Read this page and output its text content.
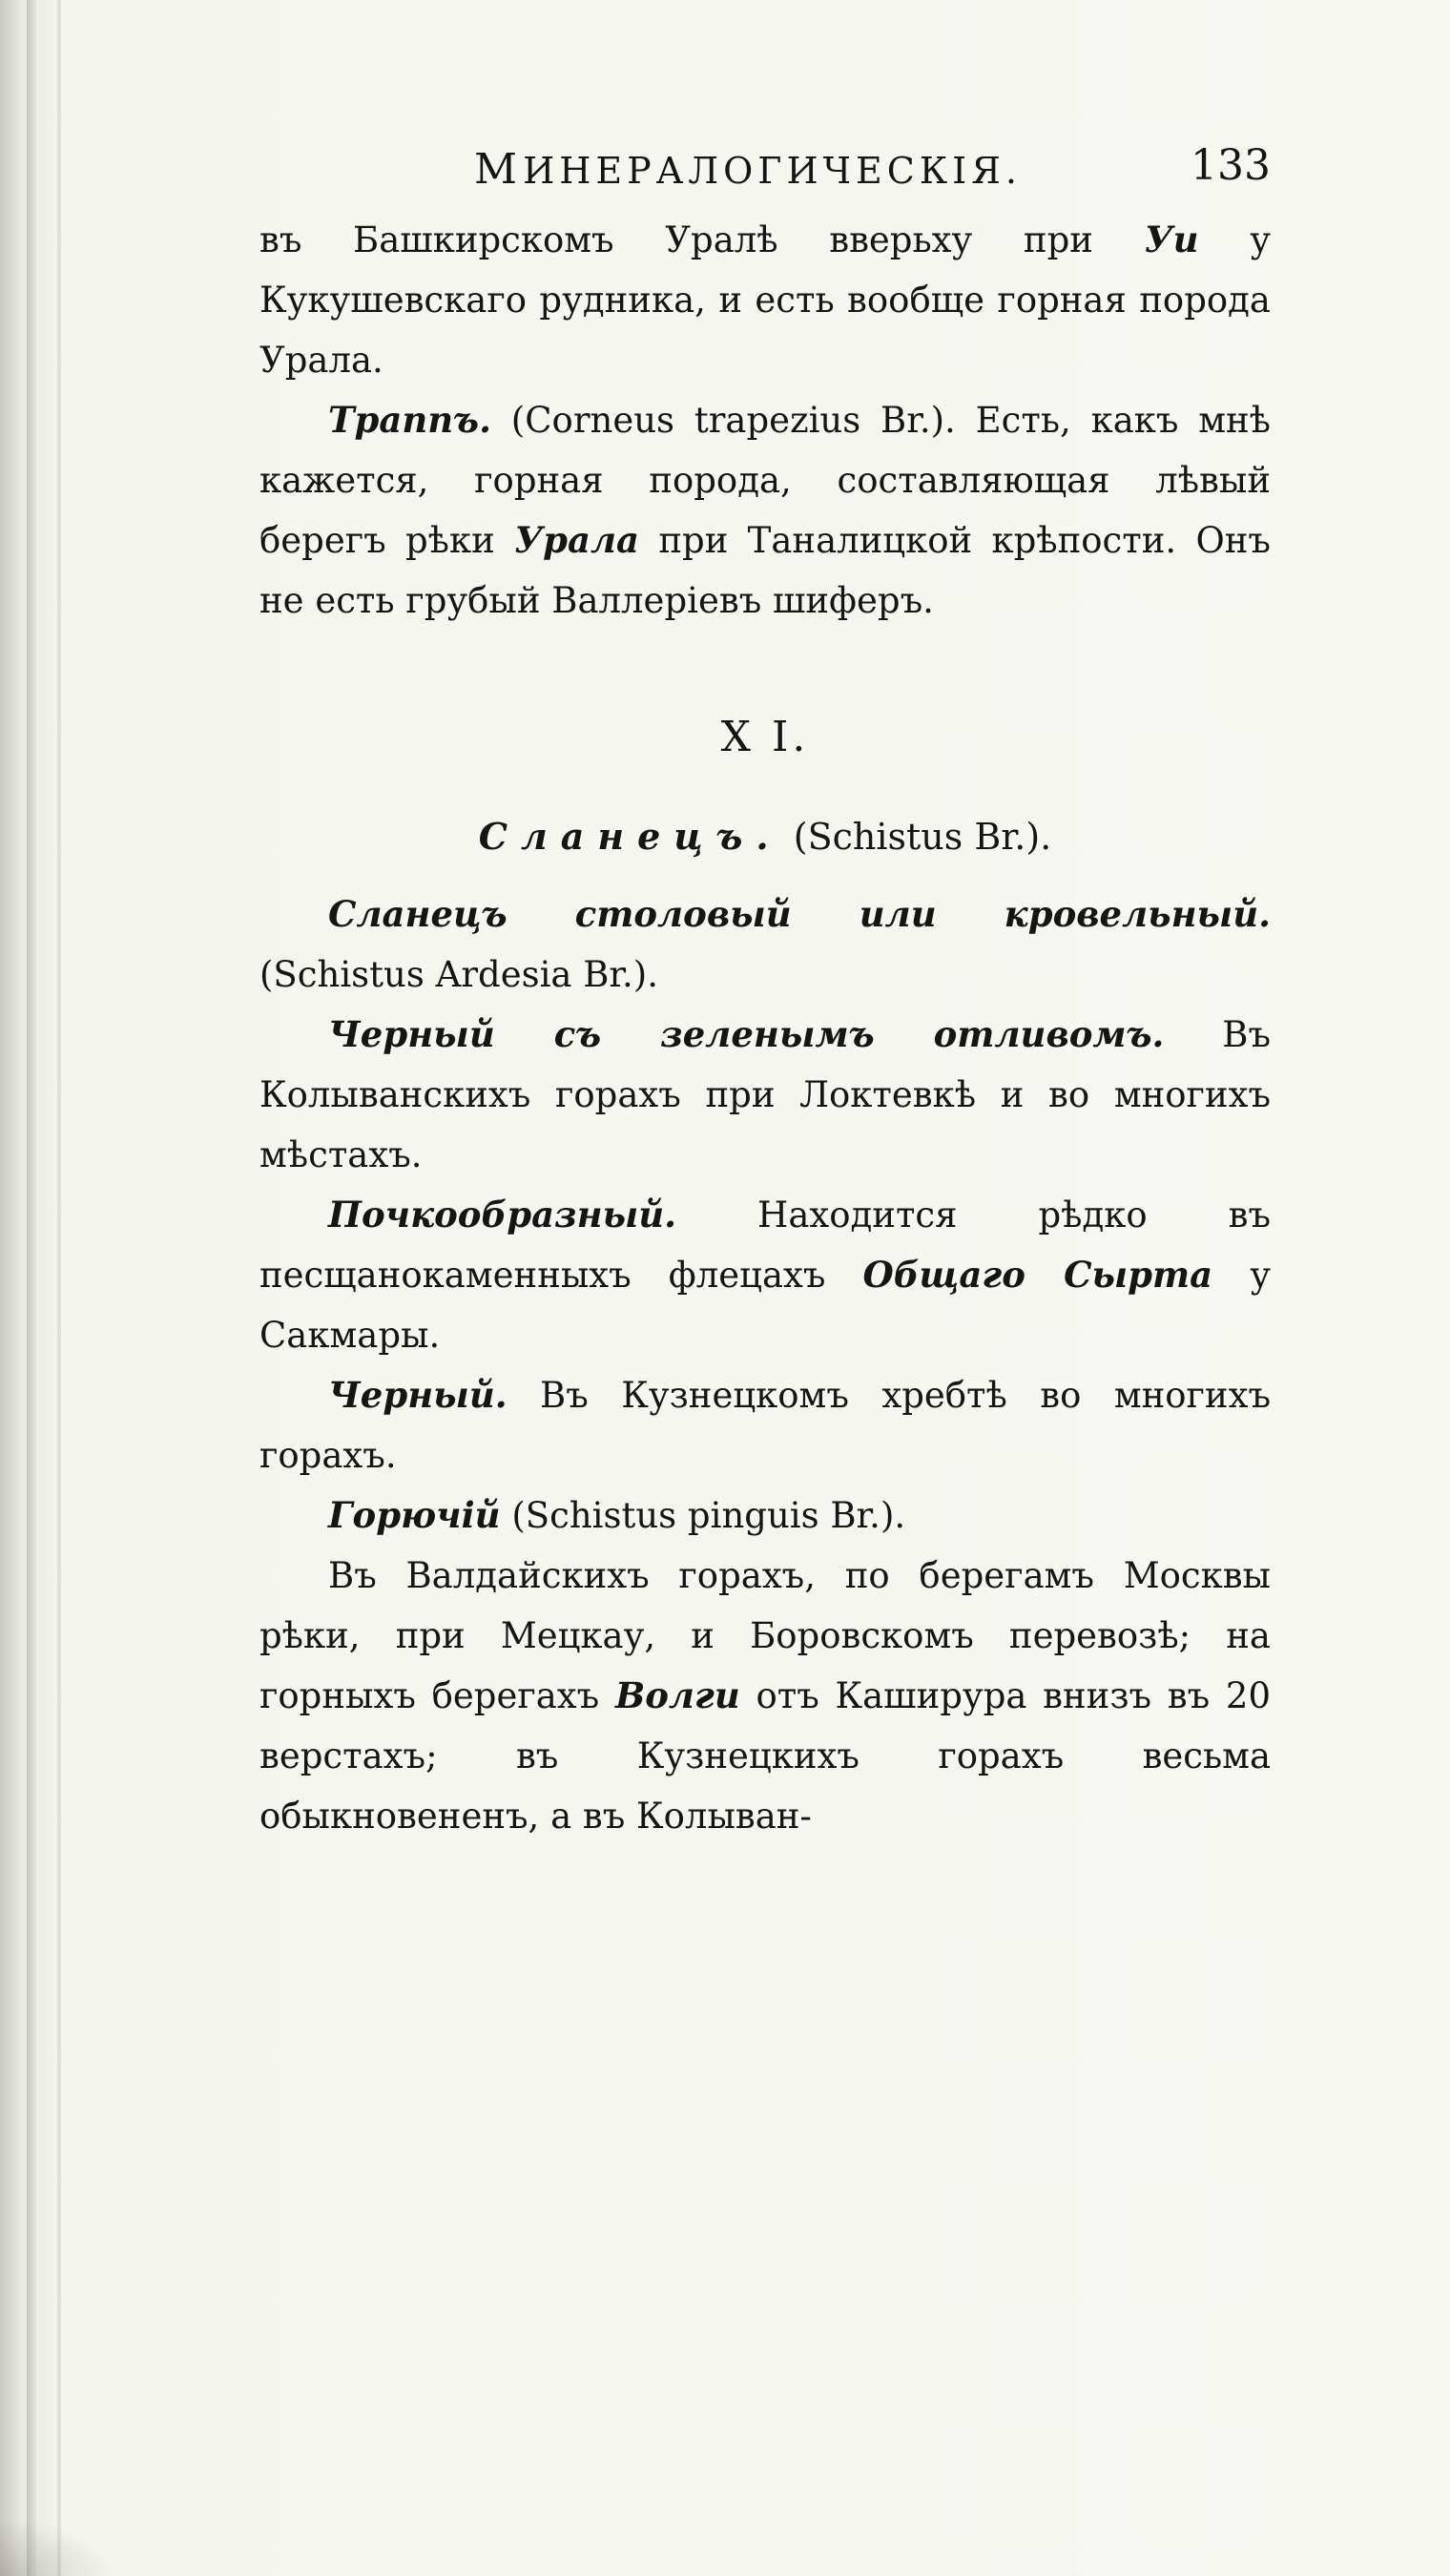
МИНЕРАЛОГИЧЕСКІЯ.	133

въ Башкирскомъ Уралѣ вверьху при Уи у Кукушевскаго рудника, и есть вообще горная порода Урала.

Траппъ. (Corneus trapezius Br.). Есть, какъ мнѣ кажется, горная порода, составляющая лѣвый берегъ рѣки Урала при Таналицкой крѣпости. Онъ не есть грубый Валлеріевъ шиферъ.

X I.
Сланецъ. (Schistus Br.).

Сланецъ столовый или кровельный. (Schistus Ardesia Br.).

Черный съ зеленымъ отливомъ. Въ Колыванскихъ горахъ при Локтевкѣ и во многихъ мѣстахъ.

Почкообразный. Находится рѣдко въ песщанокаменныхъ флецахъ Общаго Сырта у Сакмары.

Черный. Въ Кузнецкомъ хребтѣ во многихъ горахъ.

Горючій (Schistus pinguis Br.).

Въ Валдайскихъ горахъ, по берегамъ Москвы рѣки, при Мецкау, и Боровскомъ перевозѣ; на горныхъ берегахъ Волги отъ Каширура внизъ въ 20 верстахъ; въ Кузнецкихъ горахъ весьма обыкновененъ, а въ Колыван-
